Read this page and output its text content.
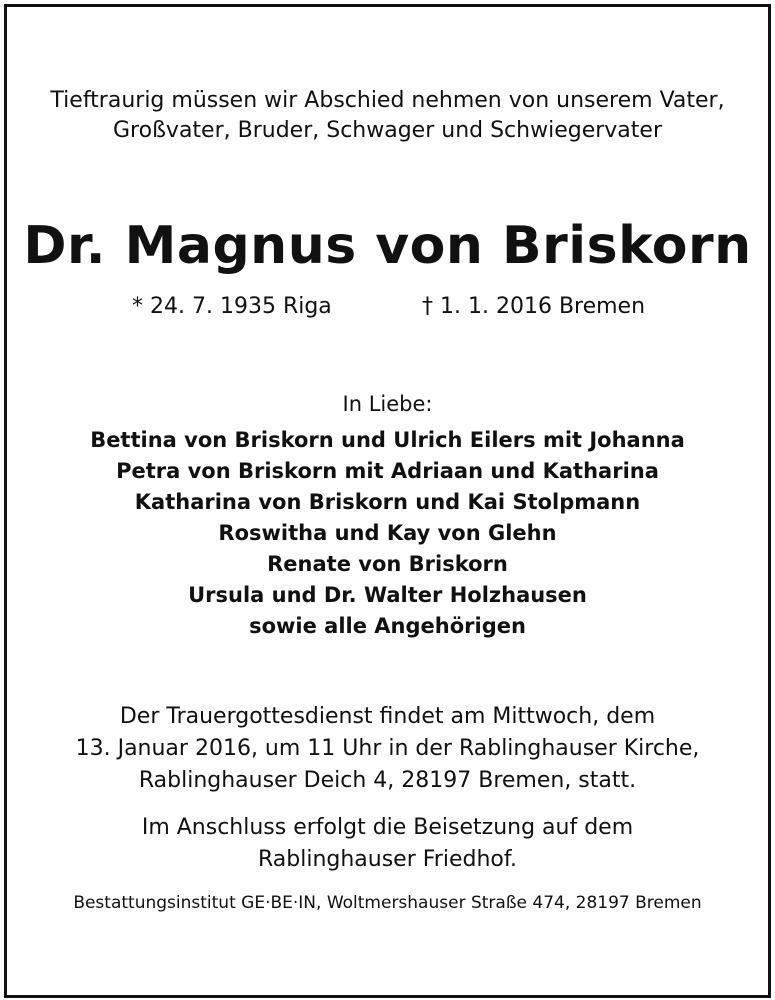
Tieftraurig müssen wir Abschied nehmen von unserem Vater,
Großvater, Bruder, Schwager und Schwiegervater
Dr. Magnus von Briskorn
* 24. 7. 1935 Riga	† 1. 1. 2016 Bremen
In Liebe:
Bettina von Briskorn und Ulrich Eilers mit Johanna
Petra von Briskorn mit Adriaan und Katharina
Katharina von Briskorn und Kai Stolpmann
Roswitha und Kay von Glehn
Renate von Briskorn
Ursula und Dr. Walter Holzhausen
sowie alle Angehörigen
Der Trauergottesdienst findet am Mittwoch, dem
13. Januar 2016, um 11 Uhr in der Rablinghauser Kirche,
Rablinghauser Deich 4, 28197 Bremen, statt.
Im Anschluss erfolgt die Beisetzung auf dem
Rablinghauser Friedhof.
Bestattungsinstitut GE·BE·IN, Woltmershauser Straße 474, 28197 Bremen
